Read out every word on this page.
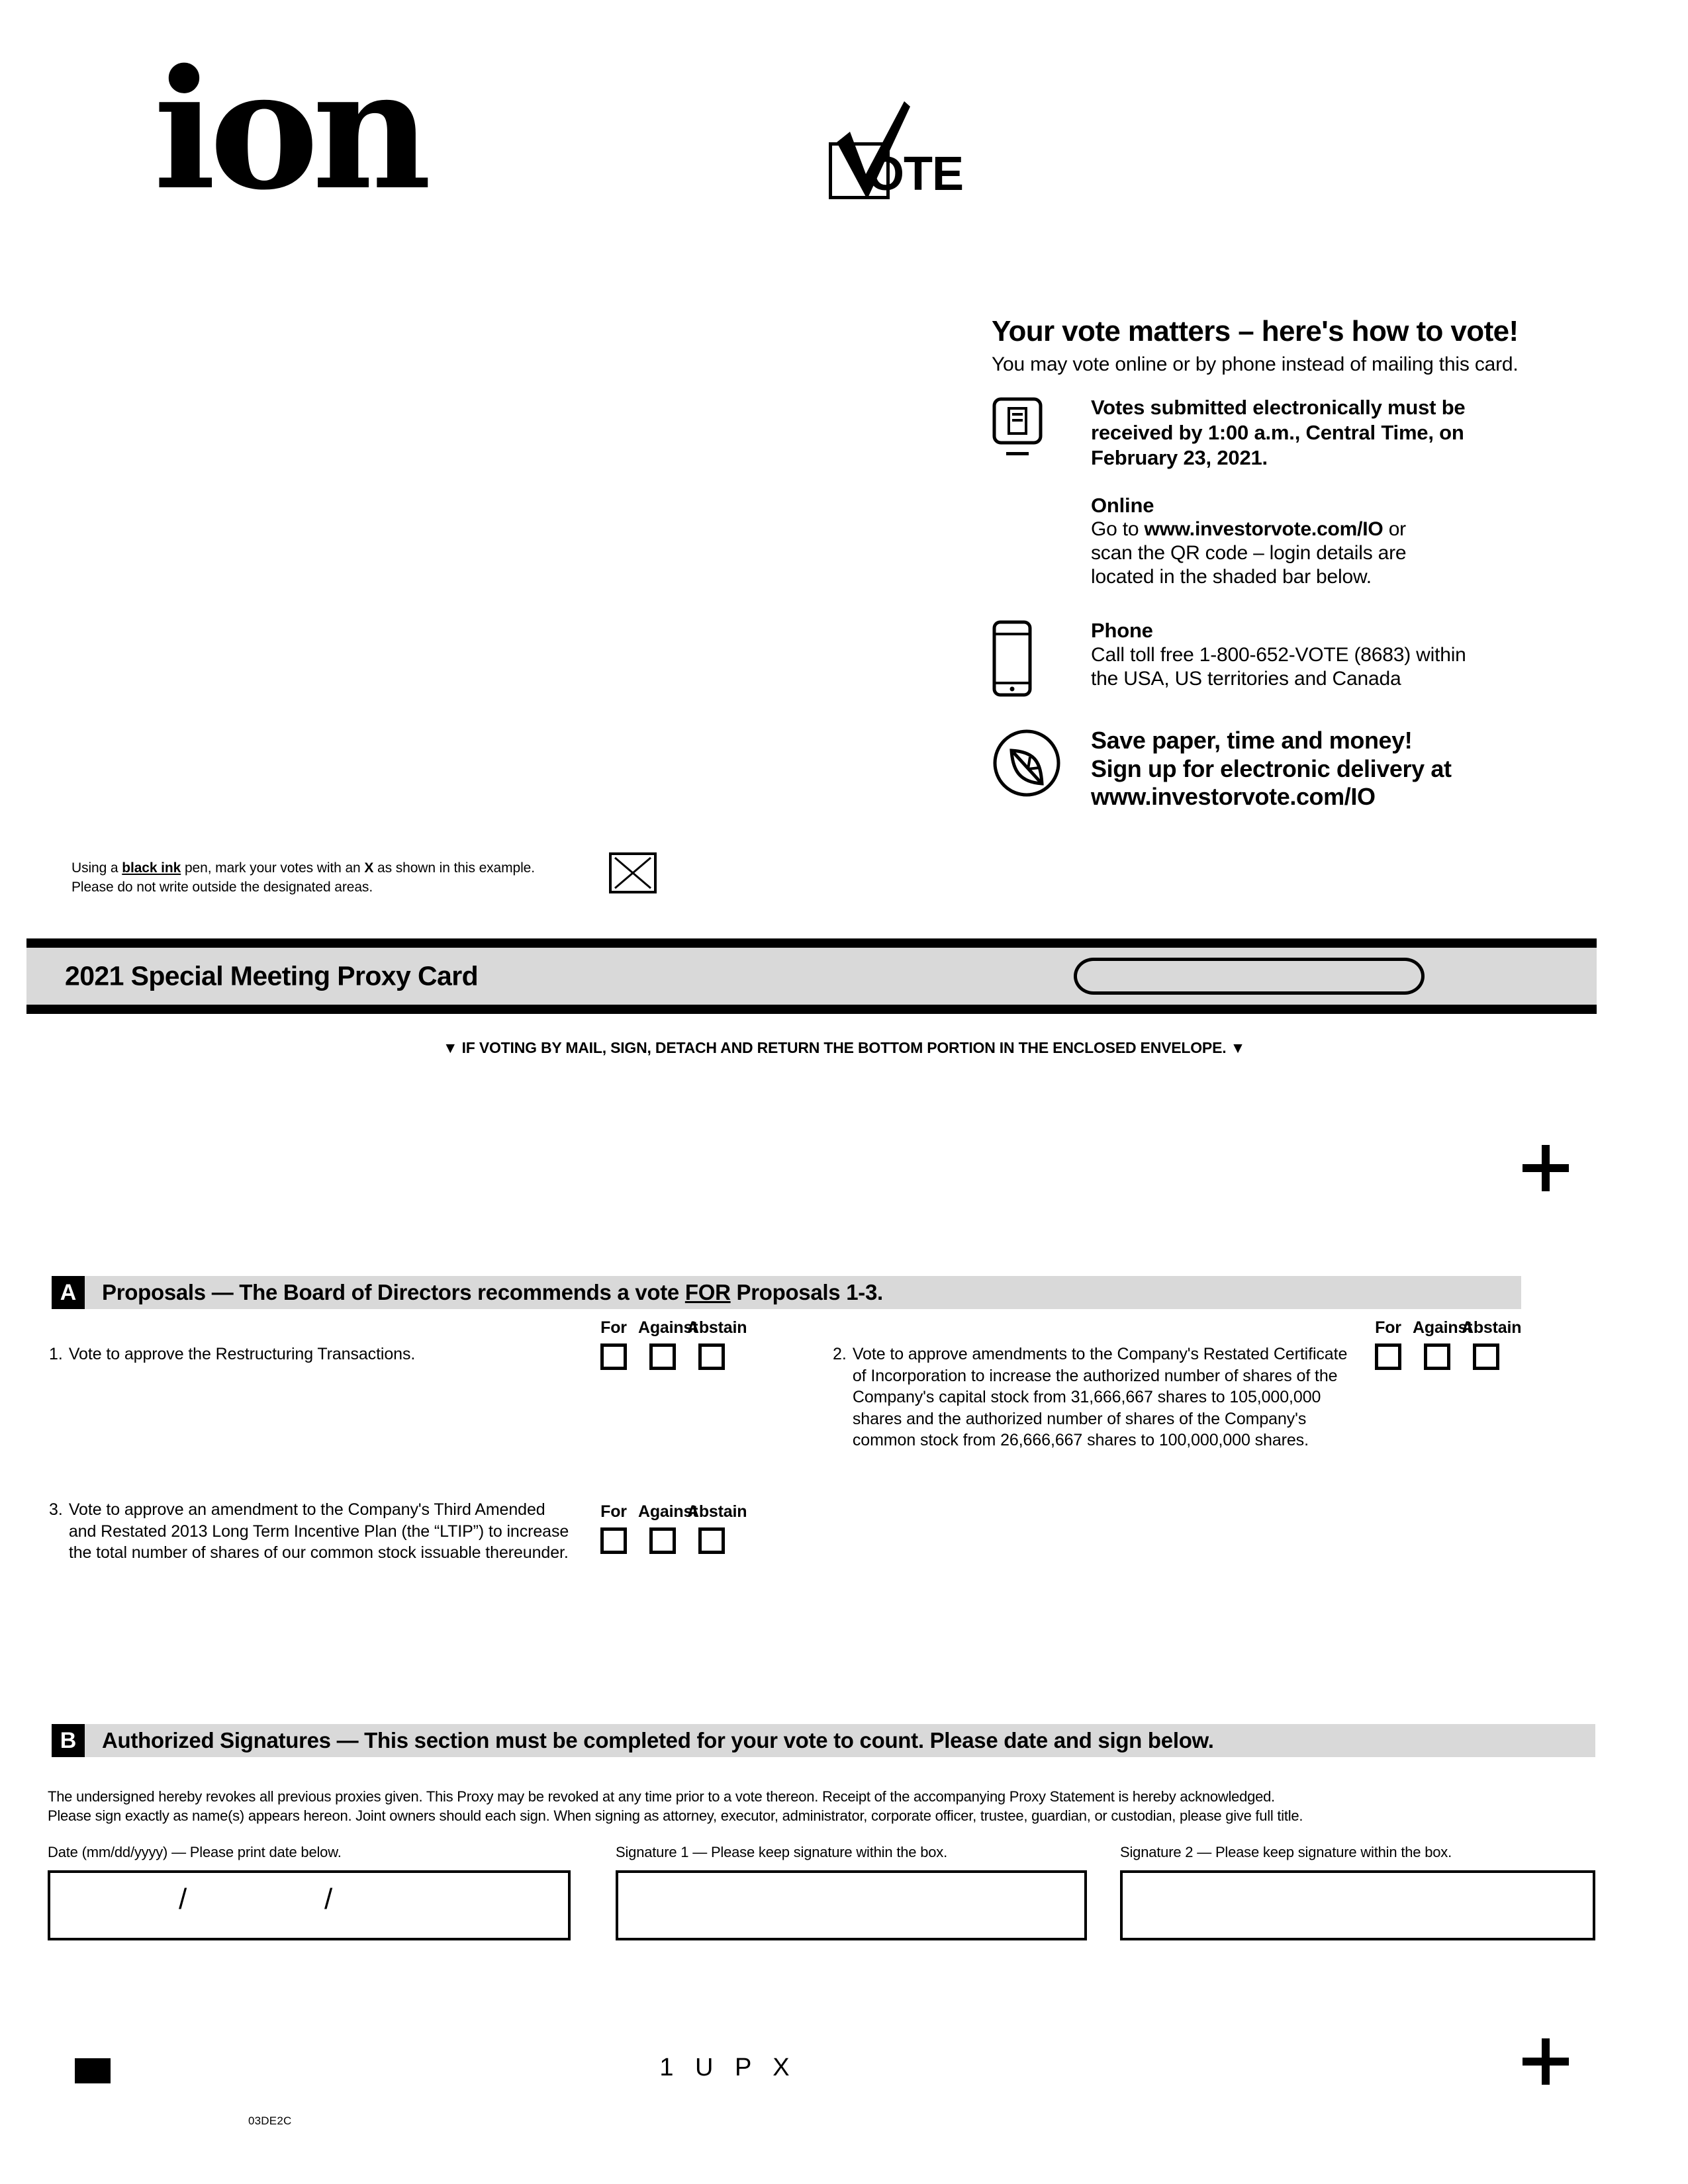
ion	OTE
Your vote matters – here's how to vote!
You may vote online or by phone instead of mailing this card.
Votes submitted electronically must be
received by 1:00 a.m., Central Time, on
February 23, 2021.
Online
Go to www.investorvote.com/IO or
scan the QR code – login details are
located in the shaded bar below.
Phone
Call toll free 1-800-652-VOTE (8683) within
the USA, US territories and Canada
Save paper, time and money!
Sign up for electronic delivery at
www.investorvote.com/IO
Using a black ink pen, mark your votes with an X as shown in this example.
Please do not write outside the designated areas.
2021 Special Meeting Proxy Card
▼ IF VOTING BY MAIL, SIGN, DETACH AND RETURN THE BOTTOM PORTION IN THE ENCLOSED ENVELOPE. ▼
A	Proposals — The Board of Directors recommends a vote FOR Proposals 1-3.
1. Vote to approve the Restructuring Transactions.
For Against
Abstain
2. Vote to approve amendments to the Company's Restated Certificate of Incorporation to increase the authorized number of shares of the Company's capital stock from 31,666,667 shares to 105,000,000 shares and the authorized number of shares of the Company's common stock from 26,666,667 shares to 100,000,000 shares.
For Against
Abstain
3. Vote to approve an amendment to the Company's Third Amended and Restated 2013 Long Term Incentive Plan (the “LTIP”) to increase the total number of shares of our common stock issuable thereunder.
For Against
Abstain
B	Authorized Signatures — This section must be completed for your vote to count. Please date and sign below.
The undersigned hereby revokes all previous proxies given. This Proxy may be revoked at any time prior to a vote thereon. Receipt of the accompanying Proxy Statement is hereby acknowledged.
Please sign exactly as name(s) appears hereon. Joint owners should each sign. When signing as attorney, executor, administrator, corporate officer, trustee, guardian, or custodian, please give full title.
Date (mm/dd/yyyy) — Please print date below.	Signature 1 — Please keep signature within the box.	Signature 2 — Please keep signature within the box.
/	/
1 U P X
03DE2C
